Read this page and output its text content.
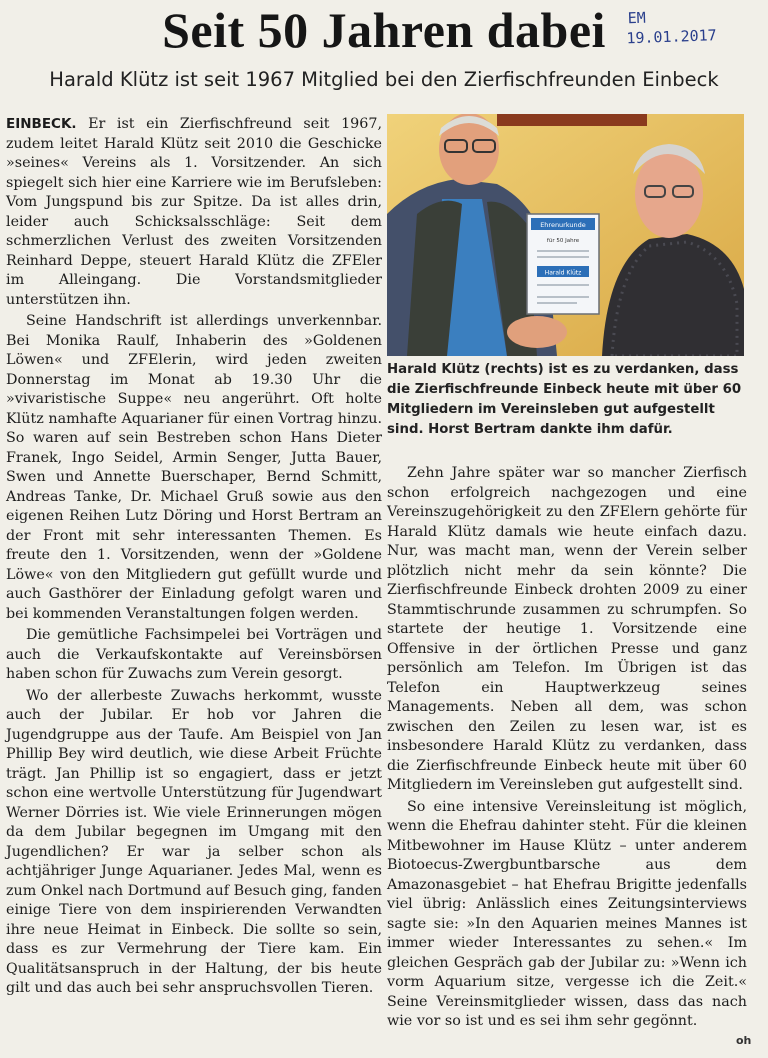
Seit 50 Jahren dabei	EM
19.01.2017
Harald Klütz ist seit 1967 Mitglied bei den Zierfischfreunden Einbeck

EINBECK. Er ist ein Zierfischfreund seit 1967, zudem leitet Harald Klütz seit 2010 die Geschicke »seines« Vereins als 1. Vorsitzender. An sich spiegelt sich hier eine Karriere wie im Berufsleben: Vom Jungspund bis zur Spitze. Da ist alles drin, leider auch Schicksalsschläge: Seit dem schmerzlichen Verlust des zweiten Vorsitzenden Reinhard Deppe, steuert Harald Klütz die ZFEler im Alleingang. Die Vorstandsmitglieder unterstützen ihn.

Seine Handschrift ist allerdings unverkennbar. Bei Monika Raulf, Inhaberin des »Goldenen Löwen« und ZFElerin, wird jeden zweiten Donnerstag im Monat ab 19.30 Uhr die »vivaristische Suppe« neu angerührt. Oft holte Klütz namhafte Aquarianer für einen Vortrag hinzu. So waren auf sein Bestreben schon Hans Dieter Franek, Ingo Seidel, Armin Senger, Jutta Bauer, Swen und Annette Buerschaper, Bernd Schmitt, Andreas Tanke, Dr. Michael Gruß sowie aus den eigenen Reihen Lutz Döring und Horst Bertram an der Front mit sehr interessanten Themen. Es freute den 1. Vorsitzenden, wenn der »Goldene Löwe« von den Mitgliedern gut gefüllt wurde und auch Gasthörer der Einladung gefolgt waren und bei kommenden Veranstaltungen folgen werden.

Die gemütliche Fachsimpelei bei Vorträgen und auch die Verkaufskontakte auf Vereinsbörsen haben schon für Zuwachs zum Verein gesorgt.

Wo der allerbeste Zuwachs herkommt, wusste auch der Jubilar. Er hob vor Jahren die Jugendgruppe aus der Taufe. Am Beispiel von Jan Phillip Bey wird deutlich, wie diese Arbeit Früchte trägt. Jan Phillip ist so engagiert, dass er jetzt schon eine wertvolle Unterstützung für Jugendwart Werner Dörries ist. Wie viele Erinnerungen mögen da dem Jubilar begegnen im Umgang mit den Jugendlichen? Er war ja selber schon als achtjähriger Junge Aquarianer. Jedes Mal, wenn es zum Onkel nach Dortmund auf Besuch ging, fanden einige Tiere von dem inspirierenden Verwandten ihre neue Heimat in Einbeck. Die sollte so sein, dass es zur Vermehrung der Tiere kam. Ein Qualitätsanspruch in der Haltung, der bis heute gilt und das auch bei sehr anspruchsvollen Tieren.

Ehrenurkunde
für 50 Jahre
Harald Klütz
Harald Klütz (rechts) ist es zu verdanken, dass die Zierfischfreunde Einbeck heute mit über 60 Mitgliedern im Vereinsleben gut aufgestellt sind. Horst Bertram dankte ihm dafür.

Zehn Jahre später war so mancher Zierfisch schon erfolgreich nachgezogen und eine Vereinszugehörigkeit zu den ZFElern gehörte für Harald Klütz damals wie heute einfach dazu. Nur, was macht man, wenn der Verein selber plötzlich nicht mehr da sein könnte? Die Zierfischfreunde Einbeck drohten 2009 zu einer Stammtischrunde zusammen zu schrumpfen. So startete der heutige 1. Vorsitzende eine Offensive in der örtlichen Presse und ganz persönlich am Telefon. Im Übrigen ist das Telefon ein Hauptwerkzeug seines Managements. Neben all dem, was schon zwischen den Zeilen zu lesen war, ist es insbesondere Harald Klütz zu verdanken, dass die Zierfischfreunde Einbeck heute mit über 60 Mitgliedern im Vereinsleben gut aufgestellt sind.

So eine intensive Vereinsleitung ist möglich, wenn die Ehefrau dahinter steht. Für die kleinen Mitbewohner im Hause Klütz – unter anderem Biotoecus-Zwergbuntbarsche aus dem Amazonasgebiet – hat Ehefrau Brigitte jedenfalls viel übrig: Anlässlich eines Zeitungsinterviews sagte sie: »In den Aquarien meines Mannes ist immer wieder Interessantes zu sehen.« Im gleichen Gespräch gab der Jubilar zu: »Wenn ich vorm Aquarium sitze, vergesse ich die Zeit.« Seine Vereinsmitglieder wissen, dass das nach wie vor so ist und es sei ihm sehr gegönnt.

oh
